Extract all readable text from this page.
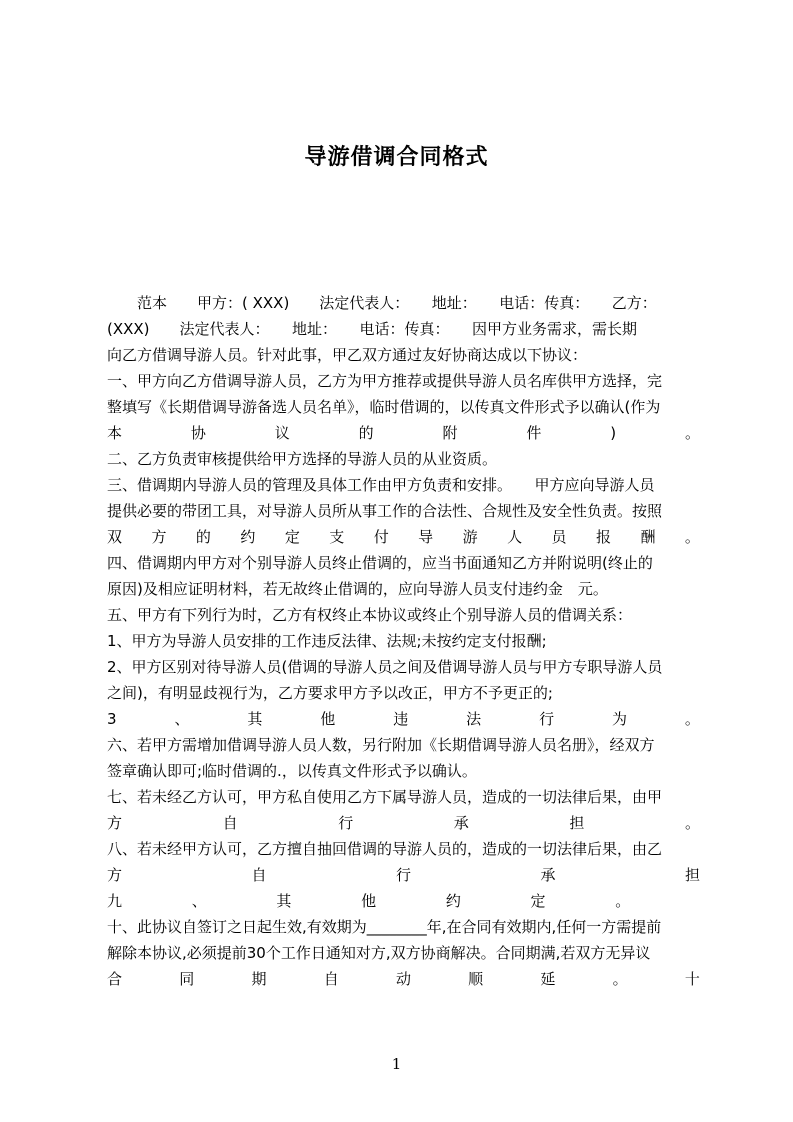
导游借调合同格式
　　范本　　甲方：( XXX)　　法定代表人：　　地址：　　电话：传真：　　乙方：
(XXX)　　法定代表人：　　地址：　　电话：传真：　　因甲方业务需求，需长期
向乙方借调导游人员。针对此事，甲乙双方通过友好协商达成以下协议：
一、甲方向乙方借调导游人员，乙方为甲方推荐或提供导游人员名库供甲方选择，完
整填写《长期借调导游备选人员名单》，临时借调的，以传真文件形式予以确认(作为
本	协	议	的	附	件	)	。
二、乙方负责审核提供给甲方选择的导游人员的从业资质。
三、借调期内导游人员的管理及具体工作由甲方负责和安排。　　甲方应向导游人员
提供必要的带团工具，对导游人员所从事工作的合法性、合规性及安全性负责。按照
双 方 的 约 定 支 付 导 游 人 员 报 酬 。
四、借调期内甲方对个别导游人员终止借调的，应当书面通知乙方并附说明(终止的
原因)及相应证明材料，若无故终止借调的，应向导游人员支付违约金　元。
五、甲方有下列行为时，乙方有权终止本协议或终止个别导游人员的借调关系：
1、甲方为导游人员安排的工作违反法律、法规;未按约定支付报酬;
2、甲方区别对待导游人员(借调的导游人员之间及借调导游人员与甲方专职导游人员
之间)，有明显歧视行为，乙方要求甲方予以改正，甲方不予更正的;
3	、	其	他	违	法	行	为	。
六、若甲方需增加借调导游人员人数，另行附加《长期借调导游人员名册》，经双方
签章确认即可;临时借调的.，以传真文件形式予以确认。
七、若未经乙方认可，甲方私自使用乙方下属导游人员，造成的一切法律后果，由甲
方	自	行	承	担	。
八、若未经甲方认可，乙方擅自抽回借调的导游人员的，造成的一切法律后果，由乙
方	自	行	承	担
九	、	其	他	约	定	。
十、此协议自签订之日起生效,有效期为________年,在合同有效期内,任何一方需提前
解除本协议,必须提前30个工作日通知对方,双方协商解决。合同期满,若双方无异议
合	同	期	自	动	顺	延	。	十
1
